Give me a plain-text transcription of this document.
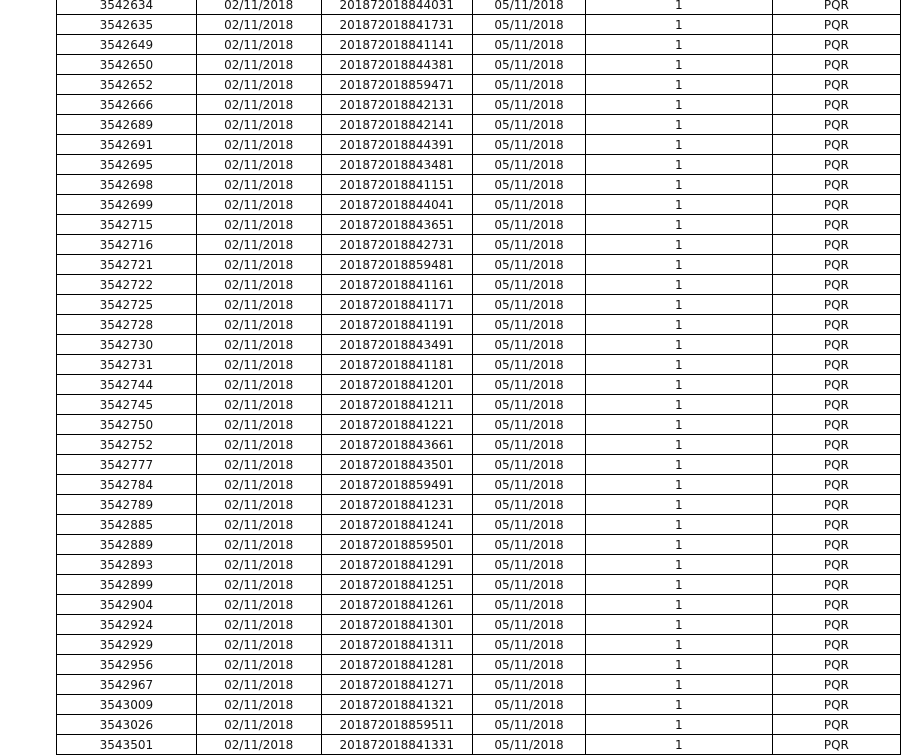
3542634	02/11/2018	201872018844031	05/11/2018	1	PQR
3542635	02/11/2018	201872018841731	05/11/2018	1	PQR
3542649	02/11/2018	201872018841141	05/11/2018	1	PQR
3542650	02/11/2018	201872018844381	05/11/2018	1	PQR
3542652	02/11/2018	201872018859471	05/11/2018	1	PQR
3542666	02/11/2018	201872018842131	05/11/2018	1	PQR
3542689	02/11/2018	201872018842141	05/11/2018	1	PQR
3542691	02/11/2018	201872018844391	05/11/2018	1	PQR
3542695	02/11/2018	201872018843481	05/11/2018	1	PQR
3542698	02/11/2018	201872018841151	05/11/2018	1	PQR
3542699	02/11/2018	201872018844041	05/11/2018	1	PQR
3542715	02/11/2018	201872018843651	05/11/2018	1	PQR
3542716	02/11/2018	201872018842731	05/11/2018	1	PQR
3542721	02/11/2018	201872018859481	05/11/2018	1	PQR
3542722	02/11/2018	201872018841161	05/11/2018	1	PQR
3542725	02/11/2018	201872018841171	05/11/2018	1	PQR
3542728	02/11/2018	201872018841191	05/11/2018	1	PQR
3542730	02/11/2018	201872018843491	05/11/2018	1	PQR
3542731	02/11/2018	201872018841181	05/11/2018	1	PQR
3542744	02/11/2018	201872018841201	05/11/2018	1	PQR
3542745	02/11/2018	201872018841211	05/11/2018	1	PQR
3542750	02/11/2018	201872018841221	05/11/2018	1	PQR
3542752	02/11/2018	201872018843661	05/11/2018	1	PQR
3542777	02/11/2018	201872018843501	05/11/2018	1	PQR
3542784	02/11/2018	201872018859491	05/11/2018	1	PQR
3542789	02/11/2018	201872018841231	05/11/2018	1	PQR
3542885	02/11/2018	201872018841241	05/11/2018	1	PQR
3542889	02/11/2018	201872018859501	05/11/2018	1	PQR
3542893	02/11/2018	201872018841291	05/11/2018	1	PQR
3542899	02/11/2018	201872018841251	05/11/2018	1	PQR
3542904	02/11/2018	201872018841261	05/11/2018	1	PQR
3542924	02/11/2018	201872018841301	05/11/2018	1	PQR
3542929	02/11/2018	201872018841311	05/11/2018	1	PQR
3542956	02/11/2018	201872018841281	05/11/2018	1	PQR
3542967	02/11/2018	201872018841271	05/11/2018	1	PQR
3543009	02/11/2018	201872018841321	05/11/2018	1	PQR
3543026	02/11/2018	201872018859511	05/11/2018	1	PQR
3543501	02/11/2018	201872018841331	05/11/2018	1	PQR
